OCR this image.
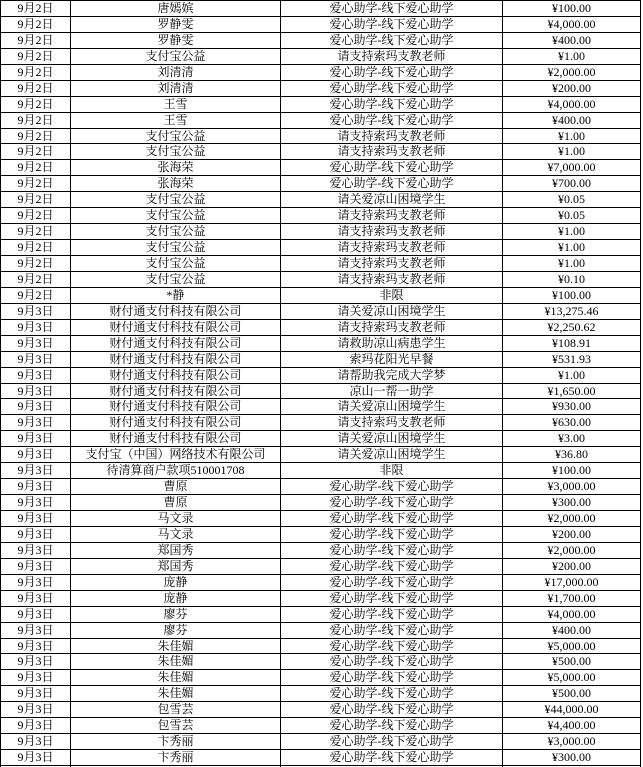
9月2日	唐嫣嫔	爱心助学-线下爱心助学	¥100.00
9月2日	罗静雯	爱心助学-线下爱心助学	¥4,000.00
9月2日	罗静雯	爱心助学-线下爱心助学	¥400.00
9月2日	支付宝公益	请支持索玛支教老师	¥1.00
9月2日	刘清清	爱心助学-线下爱心助学	¥2,000.00
9月2日	刘清清	爱心助学-线下爱心助学	¥200.00
9月2日	王雪	爱心助学-线下爱心助学	¥4,000.00
9月2日	王雪	爱心助学-线下爱心助学	¥400.00
9月2日	支付宝公益	请支持索玛支教老师	¥1.00
9月2日	支付宝公益	请支持索玛支教老师	¥1.00
9月2日	张海荣	爱心助学-线下爱心助学	¥7,000.00
9月2日	张海荣	爱心助学-线下爱心助学	¥700.00
9月2日	支付宝公益	请关爱凉山困境学生	¥0.05
9月2日	支付宝公益	请支持索玛支教老师	¥0.05
9月2日	支付宝公益	请支持索玛支教老师	¥1.00
9月2日	支付宝公益	请支持索玛支教老师	¥1.00
9月2日	支付宝公益	请支持索玛支教老师	¥1.00
9月2日	支付宝公益	请支持索玛支教老师	¥0.10
9月2日	*静	非限	¥100.00
9月3日	财付通支付科技有限公司	请关爱凉山困境学生	¥13,275.46
9月3日	财付通支付科技有限公司	请支持索玛支教老师	¥2,250.62
9月3日	财付通支付科技有限公司	请救助凉山病患学生	¥108.91
9月3日	财付通支付科技有限公司	索玛花阳光早餐	¥531.93
9月3日	财付通支付科技有限公司	请帮助我完成大学梦	¥1.00
9月3日	财付通支付科技有限公司	凉山一帮一助学	¥1,650.00
9月3日	财付通支付科技有限公司	请关爱凉山困境学生	¥930.00
9月3日	财付通支付科技有限公司	请支持索玛支教老师	¥630.00
9月3日	财付通支付科技有限公司	请关爱凉山困境学生	¥3.00
9月3日	支付宝（中国）网络技术有限公司	请关爱凉山困境学生	¥36.80
9月3日	待清算商户款项510001708	非限	¥100.00
9月3日	曹原	爱心助学-线下爱心助学	¥3,000.00
9月3日	曹原	爱心助学-线下爱心助学	¥300.00
9月3日	马文录	爱心助学-线下爱心助学	¥2,000.00
9月3日	马文录	爱心助学-线下爱心助学	¥200.00
9月3日	郑国秀	爱心助学-线下爱心助学	¥2,000.00
9月3日	郑国秀	爱心助学-线下爱心助学	¥200.00
9月3日	庞静	爱心助学-线下爱心助学	¥17,000.00
9月3日	庞静	爱心助学-线下爱心助学	¥1,700.00
9月3日	廖芬	爱心助学-线下爱心助学	¥4,000.00
9月3日	廖芬	爱心助学-线下爱心助学	¥400.00
9月3日	朱佳媚	爱心助学-线下爱心助学	¥5,000.00
9月3日	朱佳媚	爱心助学-线下爱心助学	¥500.00
9月3日	朱佳媚	爱心助学-线下爱心助学	¥5,000.00
9月3日	朱佳媚	爱心助学-线下爱心助学	¥500.00
9月3日	包雪芸	爱心助学-线下爱心助学	¥44,000.00
9月3日	包雪芸	爱心助学-线下爱心助学	¥4,400.00
9月3日	卞秀丽	爱心助学-线下爱心助学	¥3,000.00
9月3日	卞秀丽	爱心助学-线下爱心助学	¥300.00
